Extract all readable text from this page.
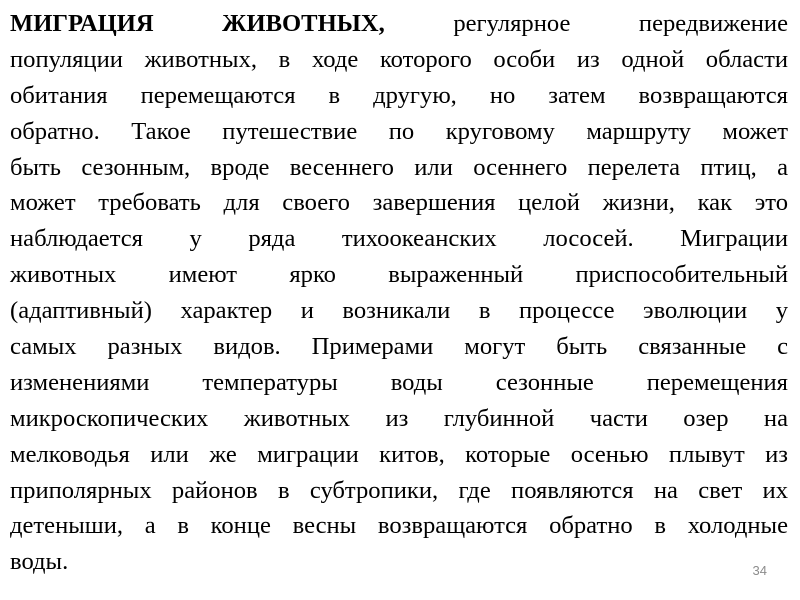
МИГРАЦИЯ ЖИВОТНЫХ,	регулярное передвижение
популяции животных, в ходе которого особи из одной области
обитания перемещаются в другую, но затем возвращаются
обратно. Такое путешествие по круговому маршруту может
быть сезонным, вроде весеннего или осеннего перелета птиц, а
может требовать для своего завершения целой жизни, как это
наблюдается у ряда тихоокеанских лососей. Миграции
животных имеют ярко выраженный приспособительный
(адаптивный) характер и возникали в процессе эволюции у
самых разных видов. Примерами могут быть связанные с
изменениями температуры воды сезонные перемещения
микроскопических животных из глубинной части озер на
мелководья или же миграции китов, которые осенью плывут из
приполярных районов в субтропики, где появляются на свет их
детеныши, а в конце весны возвращаются обратно в холодные
воды.	34
